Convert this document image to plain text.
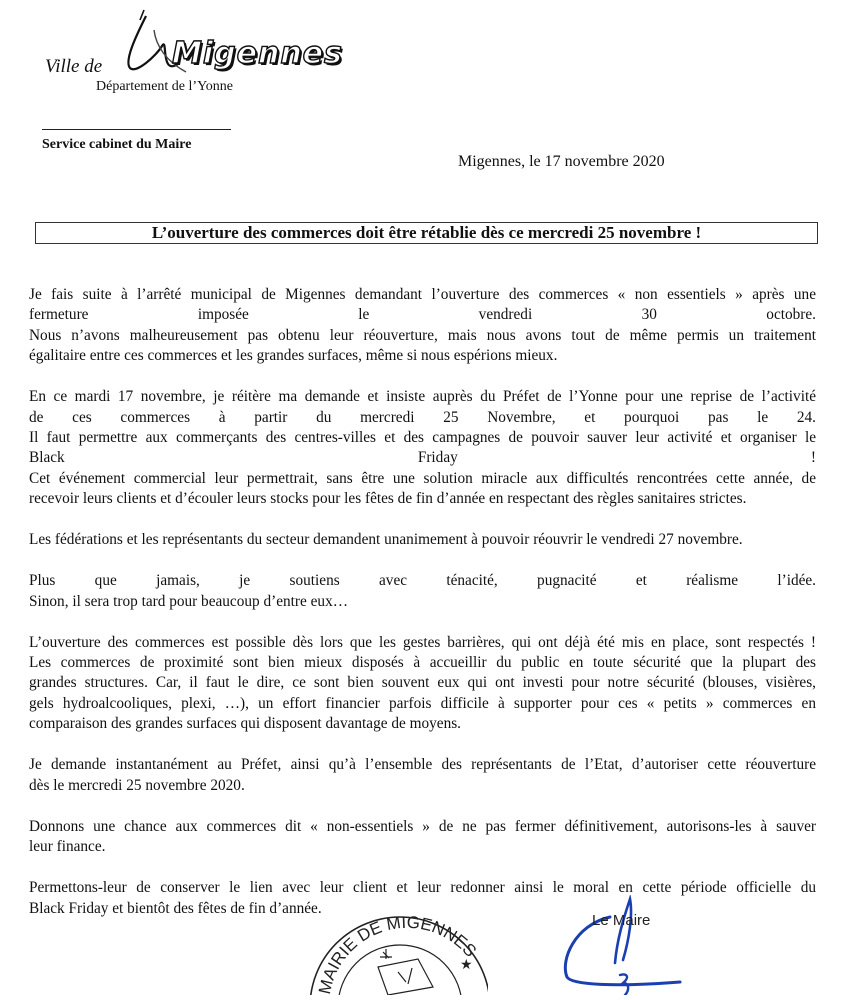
Ville de Migennes
Département de l’Yonne
Service cabinet du Maire
Migennes, le 17 novembre 2020
L’ouverture des commerces doit être rétablie dès ce mercredi 25 novembre !
Je fais suite à l’arrêté municipal de Migennes demandant l’ouverture des commerces « non essentiels » après une
fermeture imposée le vendredi 30 octobre.
Nous n’avons malheureusement pas obtenu leur réouverture, mais nous avons tout de même permis un traitement
égalitaire entre ces commerces et les grandes surfaces, même si nous espérions mieux.
En ce mardi 17 novembre, je réitère ma demande et insiste auprès du Préfet de l’Yonne pour une reprise de l’activité
de ces commerces à partir du mercredi 25 Novembre, et pourquoi pas le 24.
Il faut permettre aux commerçants des centres-villes et des campagnes de pouvoir sauver leur activité et organiser le
Black Friday !
Cet événement commercial leur permettrait, sans être une solution miracle aux difficultés rencontrées cette année, de
recevoir leurs clients et d’écouler leurs stocks pour les fêtes de fin d’année en respectant des règles sanitaires strictes.
Les fédérations et les représentants du secteur demandent unanimement à pouvoir réouvrir le vendredi 27 novembre.
Plus que jamais, je soutiens avec ténacité, pugnacité et réalisme l’idée.
Sinon, il sera trop tard pour beaucoup d’entre eux…
L’ouverture des commerces est possible dès lors que les gestes barrières, qui ont déjà été mis en place, sont respectés !
Les commerces de proximité sont bien mieux disposés à accueillir du public en toute sécurité que la plupart des
grandes structures. Car, il faut le dire, ce sont bien souvent eux qui ont investi pour notre sécurité (blouses, visières,
gels hydroalcooliques, plexi, …), un effort financier parfois difficile à supporter pour ces « petits » commerces en
comparaison des grandes surfaces qui disposent davantage de moyens.
Je demande instantanément au Préfet, ainsi qu’à l’ensemble des représentants de l’Etat, d’autoriser cette réouverture
dès le mercredi 25 novembre 2020.
Donnons une chance aux commerces dit « non-essentiels » de ne pas fermer définitivement, autorisons-les à sauver
leur finance.
Permettons-leur de conserver le lien avec leur client et leur redonner ainsi le moral en cette période officielle du
Black Friday et bientôt des fêtes de fin d’année.
MAIRIE DE MIGENNES
★
Le Maire
